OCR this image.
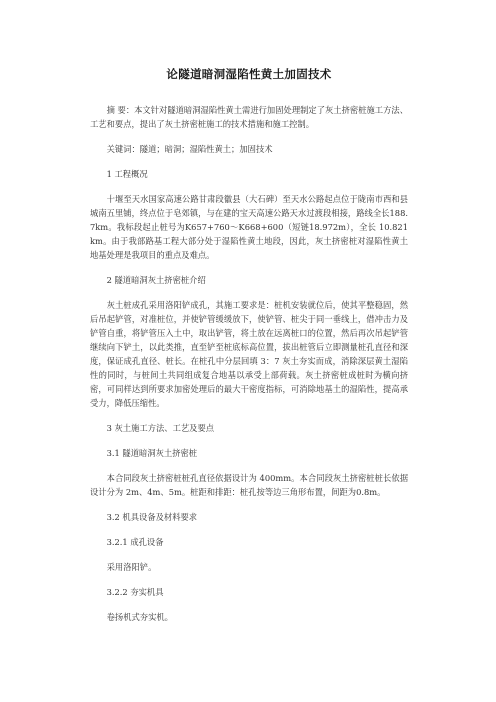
论隧道暗洞湿陷性黄土加固技术

摘 要：本文针对隧道暗洞湿陷性黄土需进行加固处理制定了灰土挤密桩施工方法、工艺和要点，提出了灰土挤密桩施工的技术措施和施工控制。

关键词：隧道；暗洞；湿陷性黄土；加固技术

1 工程概况

十堰至天水国家高速公路甘肃段徽县（大石碑）至天水公路起点位于陇南市西和县城南五里铺，终点位于皂郊镇，与在建的宝天高速公路天水过渡段相接，路线全长188.7km。我标段起止桩号为K657+760～K668+600（短链18.972m），全长 10.821km。由于我部路基工程大部分处于湿陷性黄土地段，因此，灰土挤密桩对湿陷性黄土地基处理是我项目的重点及难点。

2 隧道暗洞灰土挤密桩介绍

灰土桩成孔采用洛阳铲成孔，其施工要求是：桩机安装就位后，使其平整稳固，然后吊起铲管，对准桩位，并使铲管缓缓放下，使铲管、桩尖于同一垂线上，借冲击力及铲管自重，将铲管压入土中，取出铲管，将土放在远离桩口的位置，然后再次吊起铲管继续向下铲土，以此类推，直至铲至桩底标高位置，拔出桩管后立即测量桩孔直径和深度，保证成孔直径、桩长。在桩孔中分层回填 3：7 灰土夯实而成，消除深层黄土湿陷性的同时，与桩间土共同组成复合地基以承受上部荷载。灰土挤密桩成桩时为横向挤密，可同样达到所要求加密处理后的最大干密度指标，可消除地基土的湿陷性，提高承受力，降低压缩性。

3 灰土施工方法、工艺及要点

3.1 隧道暗洞灰土挤密桩

本合同段灰土挤密桩桩孔直径依据设计为 400mm。本合同段灰土挤密桩桩长依据设计分为 2m、4m、5m。桩距和排距：桩孔按等边三角形布置，间距为0.8m。

3.2 机具设备及材料要求

3.2.1 成孔设备

采用洛阳铲。

3.2.2 夯实机具

卷扬机式夯实机。
